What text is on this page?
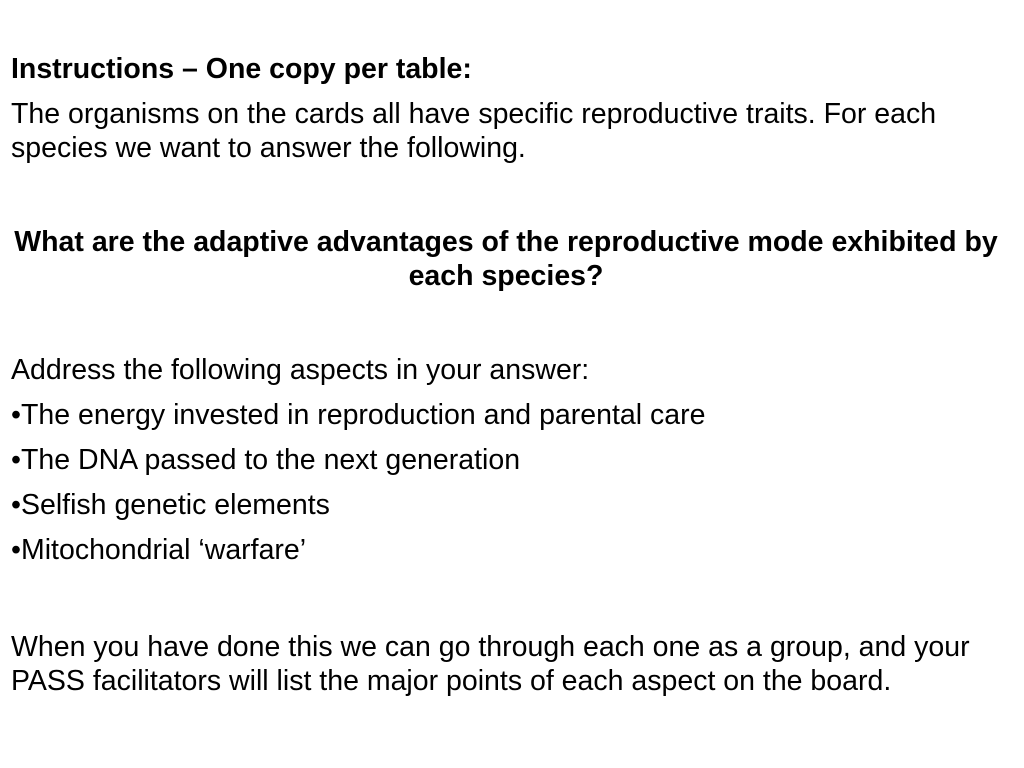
Instructions – One copy per table:

The organisms on the cards all have specific reproductive traits. For each species we want to answer the following.

What are the adaptive advantages of the reproductive mode exhibited by each species?

Address the following aspects in your answer:

•The energy invested in reproduction and parental care
•The DNA passed to the next generation
•Selfish genetic elements
•Mitochondrial ‘warfare’

When you have done this we can go through each one as a group, and your PASS facilitators will list the major points of each aspect on the board.
